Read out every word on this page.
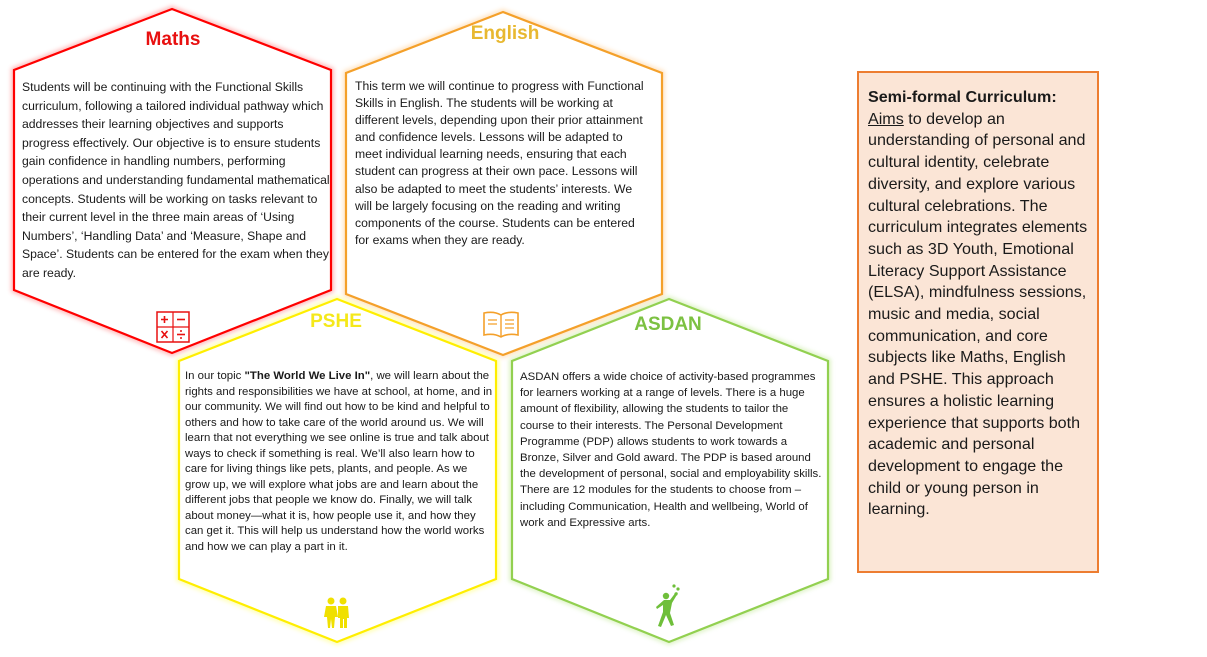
Maths	English
PSHE	ASDAN
Students will be continuing with the Functional Skills curriculum, following a tailored individual pathway which addresses their learning objectives and supports progress effectively. Our objective is to ensure students gain confidence in handling numbers, performing operations and understanding fundamental mathematical concepts. Students will be working on tasks relevant to their current level in the three main areas of ‘Using Numbers’, ‘Handling Data’ and ‘Measure, Shape and Space’. Students can be entered for the exam when they are ready.
This term we will continue to progress with Functional Skills in English. The students will be working at different levels, depending upon their prior attainment and confidence levels. Lessons will be adapted to meet individual learning needs, ensuring that each student can progress at their own pace. Lessons will also be adapted to meet the students’ interests. We will be largely focusing on the reading and writing components of the course. Students can be entered for exams when they are ready.
In our topic "The World We Live In", we will learn about the rights and responsibilities we have at school, at home, and in our community. We will find out how to be kind and helpful to others and how to take care of the world around us. We will learn that not everything we see online is true and talk about ways to check if something is real. We’ll also learn how to care for living things like pets, plants, and people. As we grow up, we will explore what jobs are and learn about the different jobs that people we know do. Finally, we will talk about money—what it is, how people use it, and how they can get it. This will help us understand how the world works and how we can play a part in it.
ASDAN offers a wide choice of activity-based programmes for learners working at a range of levels. There is a huge amount of flexibility, allowing the students to tailor the course to their interests. The Personal Development Programme (PDP) allows students to work towards a Bronze, Silver and Gold award. The PDP is based around the development of personal, social and employability skills. There are 12 modules for the students to choose from – including Communication, Health and wellbeing, World of work and Expressive arts.
Semi-formal Curriculum:
Aims to develop an understanding of personal and cultural identity, celebrate diversity, and explore various cultural celebrations. The curriculum integrates elements such as 3D Youth, Emotional Literacy Support Assistance (ELSA), mindfulness sessions, music and media, social communication, and core subjects like Maths, English and PSHE. This approach ensures a holistic learning experience that supports both academic and personal development to engage the child or young person in learning.
